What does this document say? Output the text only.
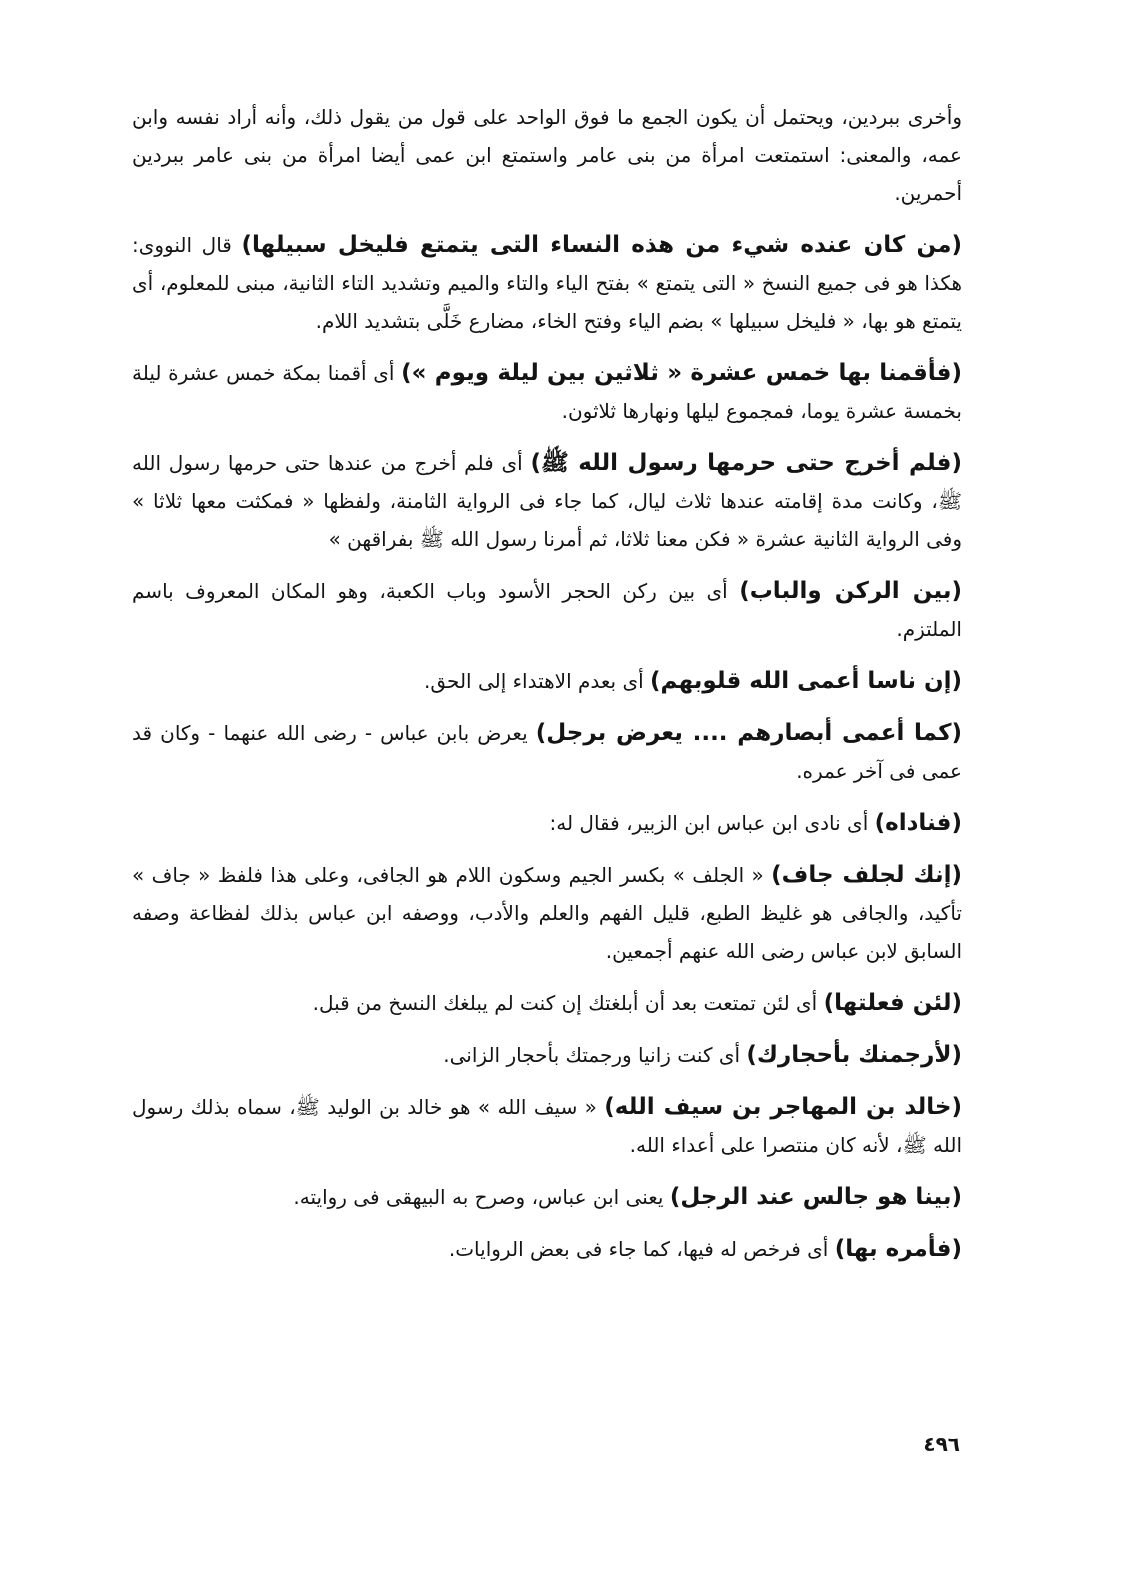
وأخرى ببردين، ويحتمل أن يكون الجمع ما فوق الواحد على قول من يقول ذلك، وأنه أراد نفسه وابن عمه، والمعنى: استمتعت امرأة من بنى عامر واستمتع ابن عمى أيضا امرأة من بنى عامر ببردين أحمرين.

(من كان عنده شيء من هذه النساء التى يتمتع فليخل سبيلها) قال النووى: هكذا هو فى جميع النسخ « التى يتمتع » بفتح الياء والتاء والميم وتشديد التاء الثانية، مبنى للمعلوم، أى يتمتع هو بها، « فليخل سبيلها » بضم الياء وفتح الخاء، مضارع خَلَّى بتشديد اللام.

(فأقمنا بها خمس عشرة « ثلاثين بين ليلة ويوم ») أى أقمنا بمكة خمس عشرة ليلة بخمسة عشرة يوما، فمجموع ليلها ونهارها ثلاثون.

(فلم أخرج حتى حرمها رسول الله ﷺ) أى فلم أخرج من عندها حتى حرمها رسول الله ﷺ، وكانت مدة إقامته عندها ثلاث ليال، كما جاء فى الرواية الثامنة، ولفظها « فمكثت معها ثلاثا » وفى الرواية الثانية عشرة « فكن معنا ثلاثا، ثم أمرنا رسول الله ﷺ بفراقهن »

(بين الركن والباب) أى بين ركن الحجر الأسود وباب الكعبة، وهو المكان المعروف باسم الملتزم.

(إن ناسا أعمى الله قلوبهم) أى بعدم الاهتداء إلى الحق.

(كما أعمى أبصارهم .... يعرض برجل) يعرض بابن عباس - رضى الله عنهما - وكان قد عمى فى آخر عمره.

(فناداه) أى نادى ابن عباس ابن الزبير، فقال له:

(إنك لجلف جاف) « الجلف » بكسر الجيم وسكون اللام هو الجافى، وعلى هذا فلفظ « جاف » تأكيد، والجافى هو غليظ الطبع، قليل الفهم والعلم والأدب، ووصفه ابن عباس بذلك لفظاعة وصفه السابق لابن عباس رضى الله عنهم أجمعين.

(لئن فعلتها) أى لئن تمتعت بعد أن أبلغتك إن كنت لم يبلغك النسخ من قبل.

(لأرجمنك بأحجارك) أى كنت زانيا ورجمتك بأحجار الزانى.

(خالد بن المهاجر بن سيف الله) « سيف الله » هو خالد بن الوليد ﷺ، سماه بذلك رسول الله ﷺ، لأنه كان منتصرا على أعداء الله.

(بينا هو جالس عند الرجل) يعنى ابن عباس، وصرح به البيهقى فى روايته.

(فأمره بها) أى فرخص له فيها، كما جاء فى بعض الروايات.

٤٩٦
